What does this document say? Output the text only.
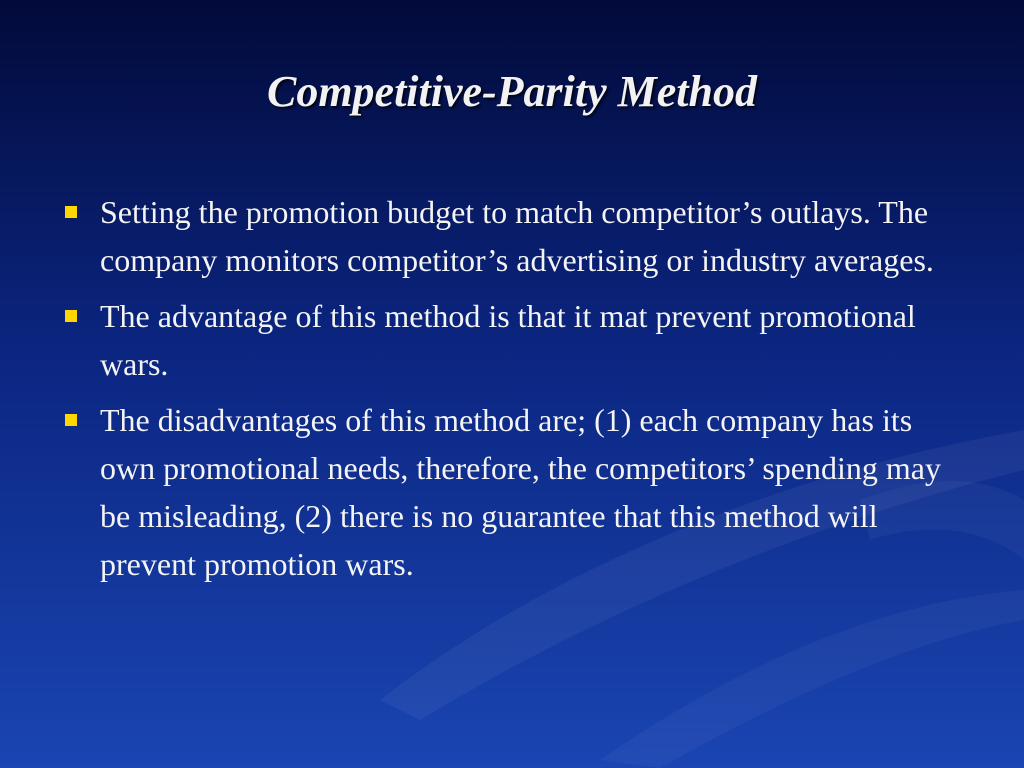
Competitive-Parity Method
Setting the promotion budget to match competitor’s outlays. The company monitors competitor’s advertising or industry averages.
The advantage of this method is that it mat prevent promotional wars.
The disadvantages of this method are; (1) each company has its own promotional needs, therefore, the competitors’ spending may be misleading, (2) there is no guarantee that this method will prevent promotion wars.
